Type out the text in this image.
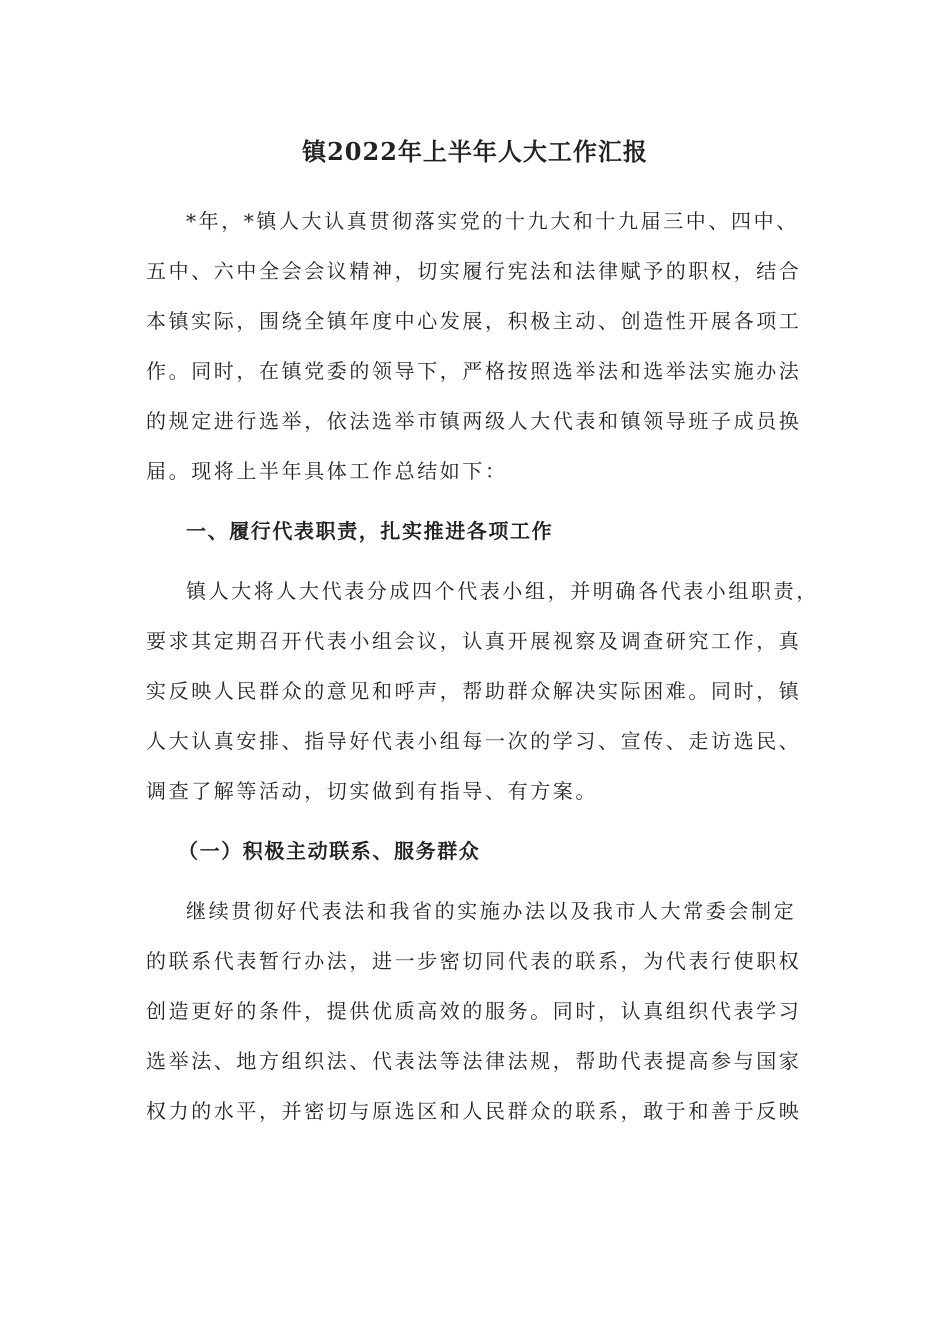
镇2022年上半年人大工作汇报

*年，*镇人大认真贯彻落实党的十九大和十九届三中、四中、

五中、六中全会会议精神，切实履行宪法和法律赋予的职权，结合

本镇实际，围绕全镇年度中心发展，积极主动、创造性开展各项工

作。同时，在镇党委的领导下，严格按照选举法和选举法实施办法

的规定进行选举，依法选举市镇两级人大代表和镇领导班子成员换

届。现将上半年具体工作总结如下：

一、履行代表职责，扎实推进各项工作

镇人大将人大代表分成四个代表小组，并明确各代表小组职责，

要求其定期召开代表小组会议，认真开展视察及调查研究工作，真

实反映人民群众的意见和呼声，帮助群众解决实际困难。同时，镇

人大认真安排、指导好代表小组每一次的学习、宣传、走访选民、

调查了解等活动，切实做到有指导、有方案。

（一）积极主动联系、服务群众

继续贯彻好代表法和我省的实施办法以及我市人大常委会制定

的联系代表暂行办法，进一步密切同代表的联系，为代表行使职权

创造更好的条件，提供优质高效的服务。同时，认真组织代表学习

选举法、地方组织法、代表法等法律法规，帮助代表提高参与国家

权力的水平，并密切与原选区和人民群众的联系，敢于和善于反映
